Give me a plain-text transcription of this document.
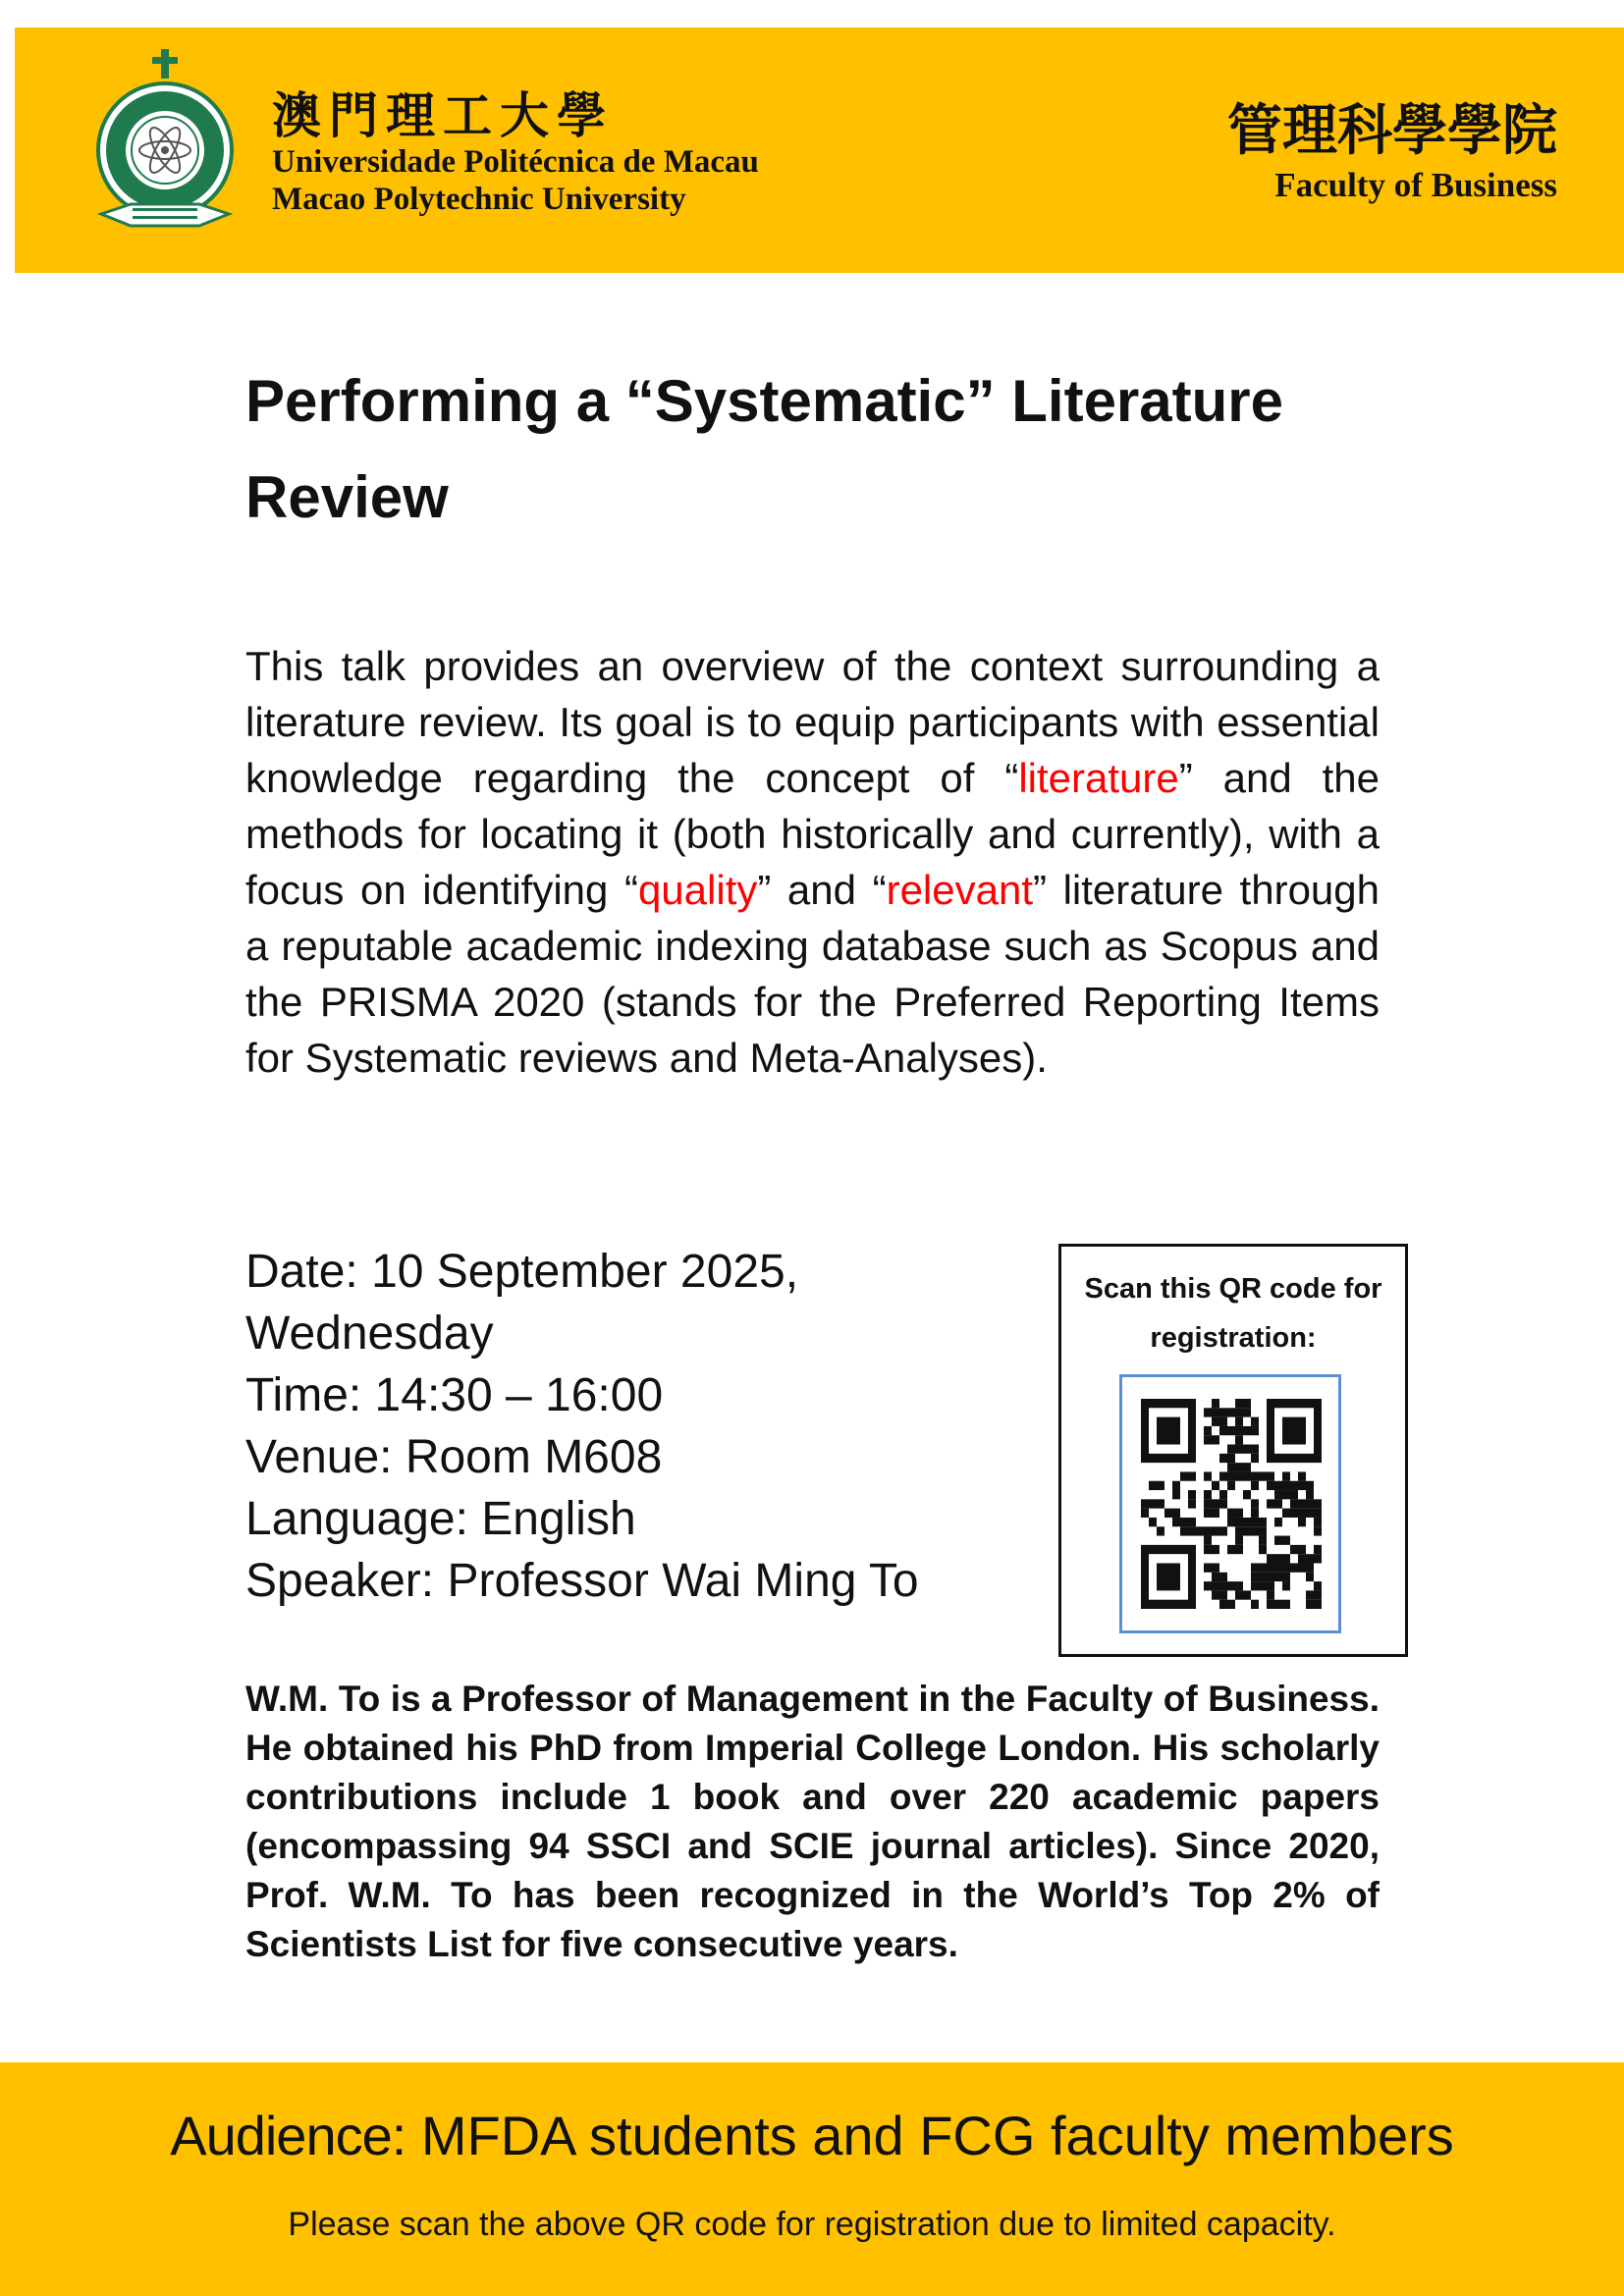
澳門理工大學
Universidade Politécnica de Macau
Macao Polytechnic University
管理科學學院
Faculty of Business
Performing a “Systematic” Literature Review

This talk provides an overview of the context surrounding a literature review. Its goal is to equip participants with essential knowledge regarding the concept of “literature” and the methods for locating it (both historically and currently), with a focus on identifying “quality” and “relevant” literature through a reputable academic indexing database such as Scopus and the PRISMA 2020 (stands for the Preferred Reporting Items for Systematic reviews and Meta-Analyses).

Date: 10 September 2025,
Wednesday
Time: 14:30 – 16:00
Venue: Room M608
Language: English
Speaker: Professor Wai Ming To
Scan this QR code for
registration:

W.M. To is a Professor of Management in the Faculty of Business. He obtained his PhD from Imperial College London. His scholarly contributions include 1 book and over 220 academic papers (encompassing 94 SSCI and SCIE journal articles). Since 2020, Prof. W.M. To has been recognized in the World’s Top 2% of Scientists List for five consecutive years.

Audience: MFDA students and FCG faculty members
Please scan the above QR code for registration due to limited capacity.
